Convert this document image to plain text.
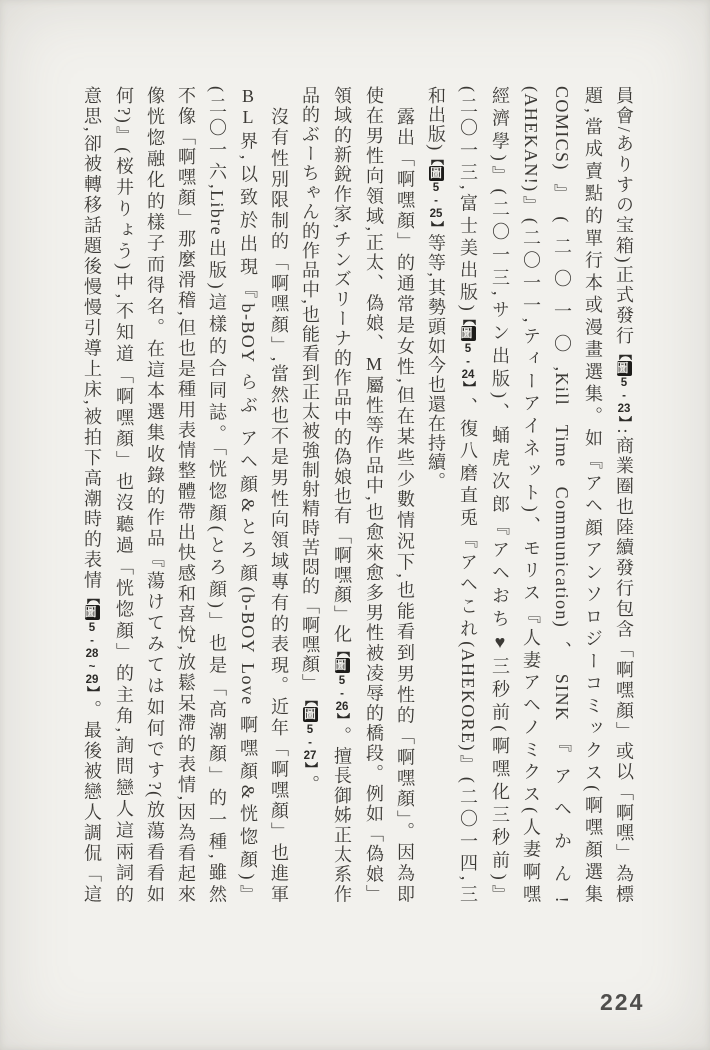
員會/ありすの宝箱)正式發行【圖5-23】:商業圈也陸續發行包含「啊嘿顏」或以「啊嘿」為標
題,當成賣點的單行本或漫畫選集。如『アヘ顔アンソロジーコミックス(啊嘿顏選集
COMICS)』(二〇一〇,Kill Time Communication)、SINK『アヘかん!
(AHEKAN!)』(二〇一一,ティーアイネット)、モリス『人妻アヘノミクス(人妻啊嘿
經濟學)』(二〇一三,サン出版)、蛹虎次郎『アヘおち♥三秒前(啊嘿化三秒前)』
(二〇一三,富士美出版)【圖5-24】、復八磨直兎『アヘこれ(AHEKORE)』(二〇一四,三
和出版)【圖5-25】等等,其勢頭如今也還在持續。
露出「啊嘿顏」的通常是女性,但在某些少數情況下,也能看到男性的「啊嘿顏」。因為即
使在男性向領域,正太、偽娘、M屬性等作品中,也愈來愈多男性被凌辱的橋段。例如「偽娘」
領域的新銳作家,チンズリーナ的作品中的偽娘也有「啊嘿顏」化【圖5-26】。擅長御姊正太系作
品的ぶーちゃん的作品中,也能看到正太被強制射精時苦悶的「啊嘿顏」【圖5-27】。
沒有性別限制的「啊嘿顏」,當然也不是男性向領域專有的表現。近年「啊嘿顏」也進軍
BL界,以致於出現『b-BOY らぶ アヘ顔&とろ顔(b-BOY Love 啊嘿顏&恍惚顏)』
(二〇一六,Libre出版)這樣的合同誌。「恍惚顏(とろ顔)」也是「高潮顏」的一種,雖然
不像「啊嘿顏」那麼滑稽,但也是種用表情整體帶出快感和喜悅,放鬆呆滯的表情,因為看起來
像恍惚融化的樣子而得名。在這本選集收錄的作品『蕩けてみては如何です?(放蕩看看如
何?)』(桜井りょう)中,不知道「啊嘿顏」也沒聽過「恍惚顏」的主角,詢問戀人這兩詞的
意思,卻被轉移話題後慢慢引導上床,被拍下高潮時的表情【圖5-28~29】。最後被戀人調侃「這
224
